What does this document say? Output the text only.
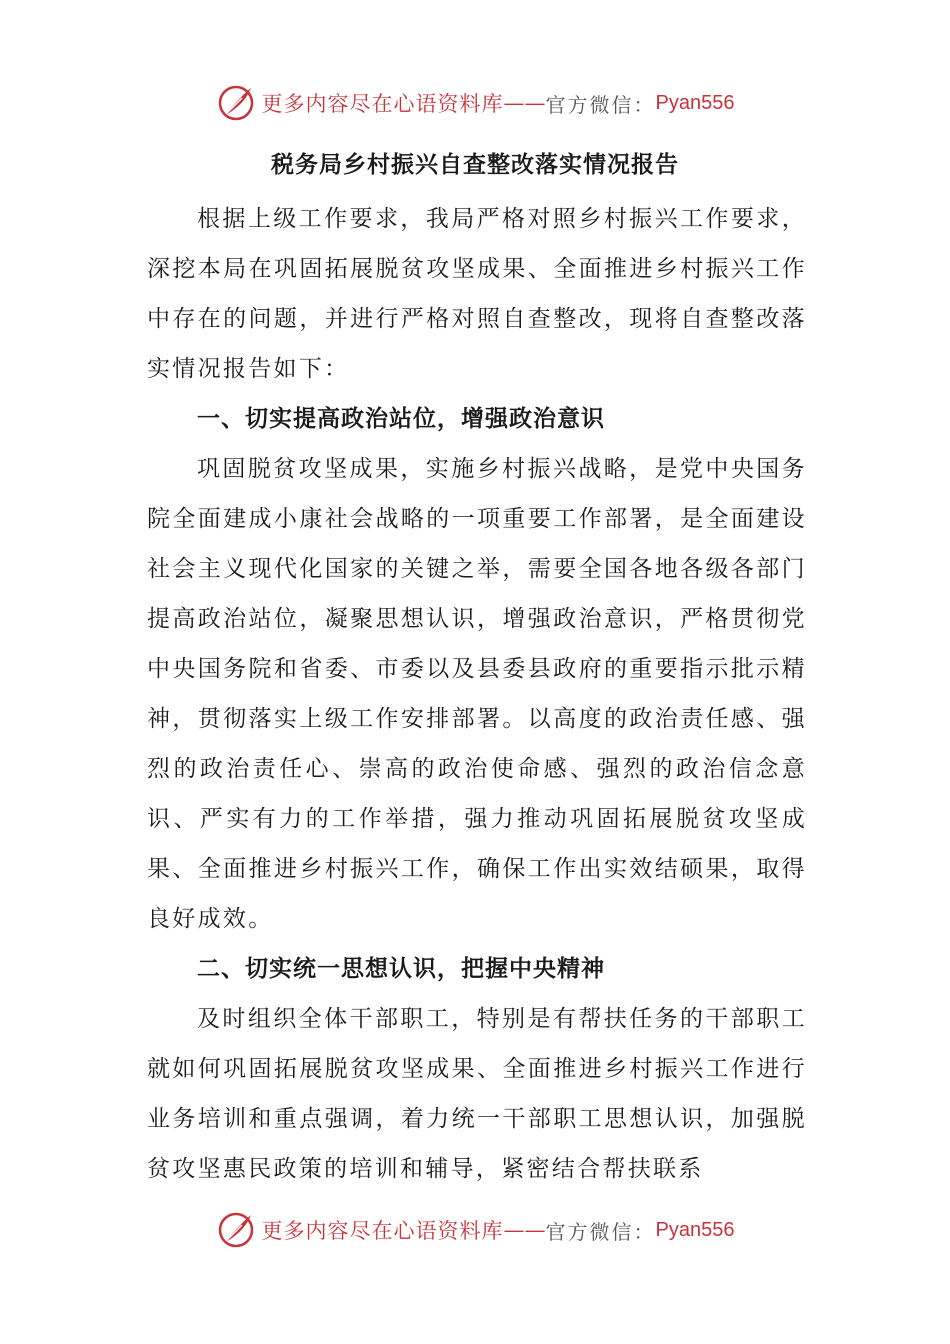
更多内容尽在心语资料库 —— 官方微信： Pyan556
税务局乡村振兴自查整改落实情况报告

根据上级工作要求，我局严格对照乡村振兴工作要求，深挖本局在巩固拓展脱贫攻坚成果、全面推进乡村振兴工作中存在的问题，并进行严格对照自查整改，现将自查整改落实情况报告如下：

一、切实提高政治站位，增强政治意识

巩固脱贫攻坚成果，实施乡村振兴战略，是党中央国务院全面建成小康社会战略的一项重要工作部署，是全面建设社会主义现代化国家的关键之举，需要全国各地各级各部门提高政治站位，凝聚思想认识，增强政治意识，严格贯彻党中央国务院和省委、市委以及县委县政府的重要指示批示精神，贯彻落实上级工作安排部署。以高度的政治责任感、强烈的政治责任心、崇高的政治使命感、强烈的政治信念意识、严实有力的工作举措，强力推动巩固拓展脱贫攻坚成果、全面推进乡村振兴工作，确保工作出实效结硕果，取得良好成效。

二、切实统一思想认识，把握中央精神

及时组织全体干部职工，特别是有帮扶任务的干部职工就如何巩固拓展脱贫攻坚成果、全面推进乡村振兴工作进行业务培训和重点强调，着力统一干部职工思想认识，加强脱贫攻坚惠民政策的培训和辅导，紧密结合帮扶联系

更多内容尽在心语资料库 —— 官方微信： Pyan556
